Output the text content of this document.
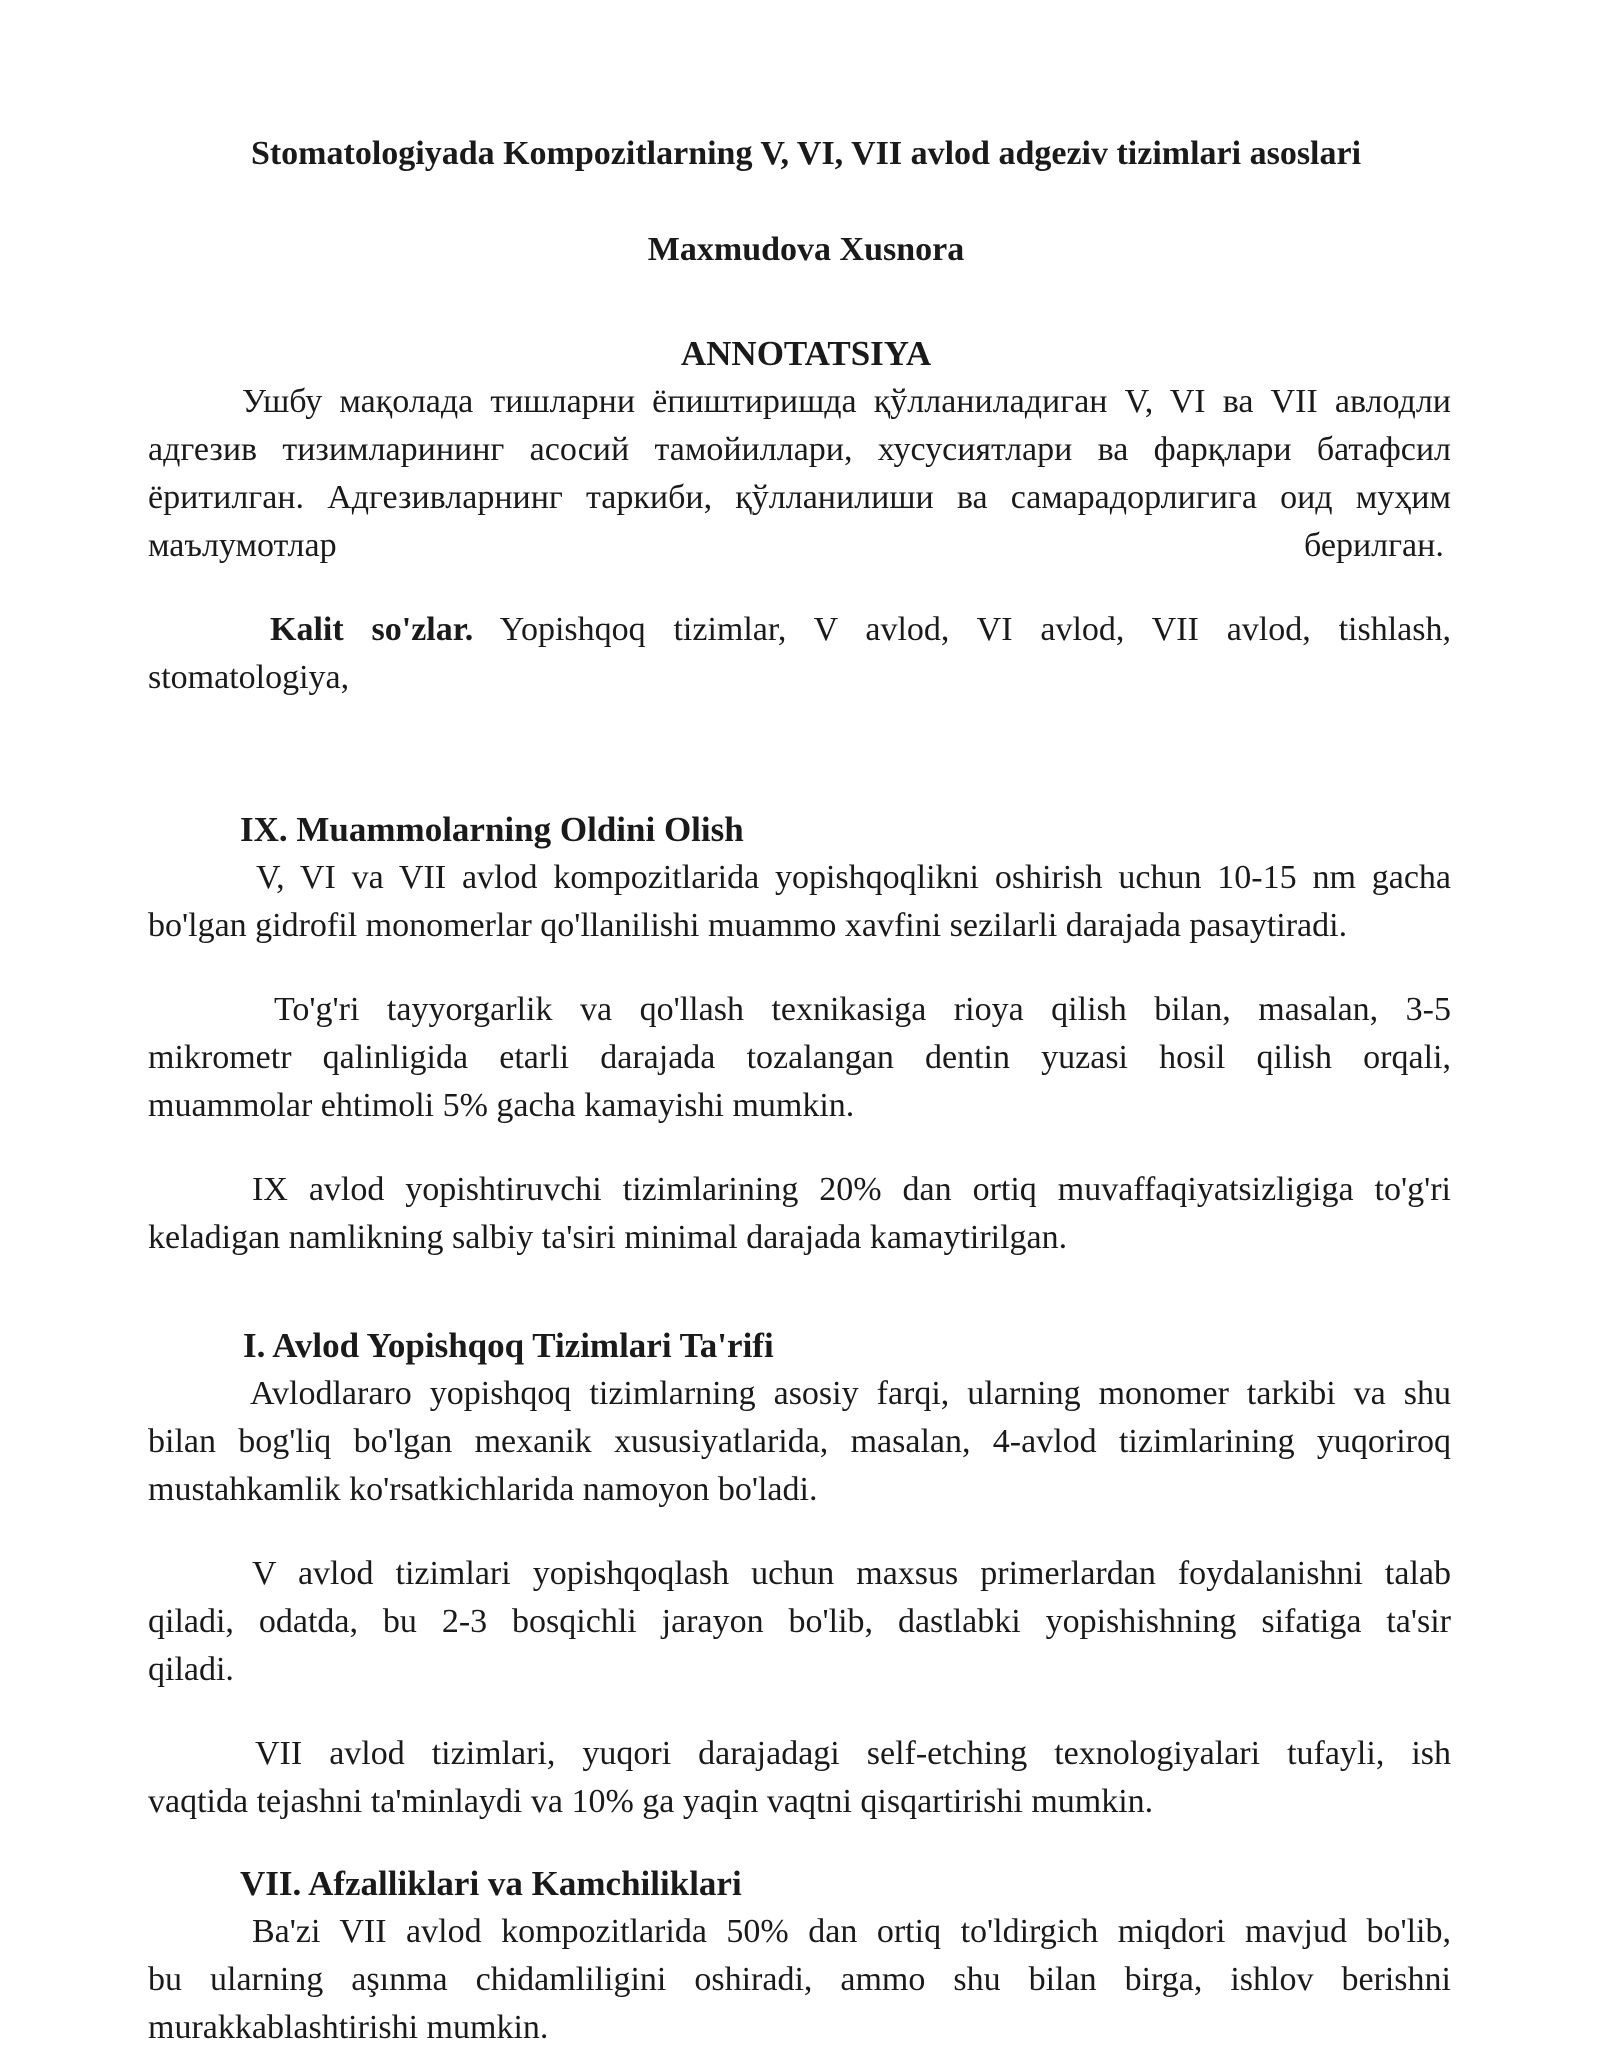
Stomatologiyada Kompozitlarning V, VI, VII avlod adgeziv tizimlari asoslari
Maxmudova Xusnora
ANNOTATSIYA
Ушбу мақолада тишларни ёпиштиришда қўлланиладиган V, VI ва VII авлодли
адгезив тизимларининг асосий тамойиллари, хусусиятлари ва фарқлари батафсил
ёритилган. Адгезивларнинг таркиби, қўлланилиши ва самарадорлигига оид муҳим
маълумотлар	берилган.
Kalit so'zlar. Yopishqoq tizimlar, V avlod, VI avlod, VII avlod, tishlash,
stomatologiya,
IX. Muammolarning Oldini Olish
V, VI va VII avlod kompozitlarida yopishqoqlikni oshirish uchun 10-15 nm gacha
bo'lgan gidrofil monomerlar qo'llanilishi muammo xavfini sezilarli darajada pasaytiradi.
To'g'ri tayyorgarlik va qo'llash texnikasiga rioya qilish bilan, masalan, 3-5
mikrometr qalinligida etarli darajada tozalangan dentin yuzasi hosil qilish orqali,
muammolar ehtimoli 5% gacha kamayishi mumkin.
IX avlod yopishtiruvchi tizimlarining 20% dan ortiq muvaffaqiyatsizligiga to'g'ri
keladigan namlikning salbiy ta'siri minimal darajada kamaytirilgan.
I. Avlod Yopishqoq Tizimlari Ta'rifi
Avlodlararo yopishqoq tizimlarning asosiy farqi, ularning monomer tarkibi va shu
bilan bog'liq bo'lgan mexanik xususiyatlarida, masalan, 4-avlod tizimlarining yuqoriroq
mustahkamlik ko'rsatkichlarida namoyon bo'ladi.
V avlod tizimlari yopishqoqlash uchun maxsus primerlardan foydalanishni talab
qiladi, odatda, bu 2-3 bosqichli jarayon bo'lib, dastlabki yopishishning sifatiga ta'sir
qiladi.
VII avlod tizimlari, yuqori darajadagi self-etching texnologiyalari tufayli, ish
vaqtida tejashni ta'minlaydi va 10% ga yaqin vaqtni qisqartirishi mumkin.
VII. Afzalliklari va Kamchiliklari
Ba'zi VII avlod kompozitlarida 50% dan ortiq to'ldirgich miqdori mavjud bo'lib,
bu ularning aşınma chidamliligini oshiradi, ammo shu bilan birga, ishlov berishni
murakkablashtirishi mumkin.
